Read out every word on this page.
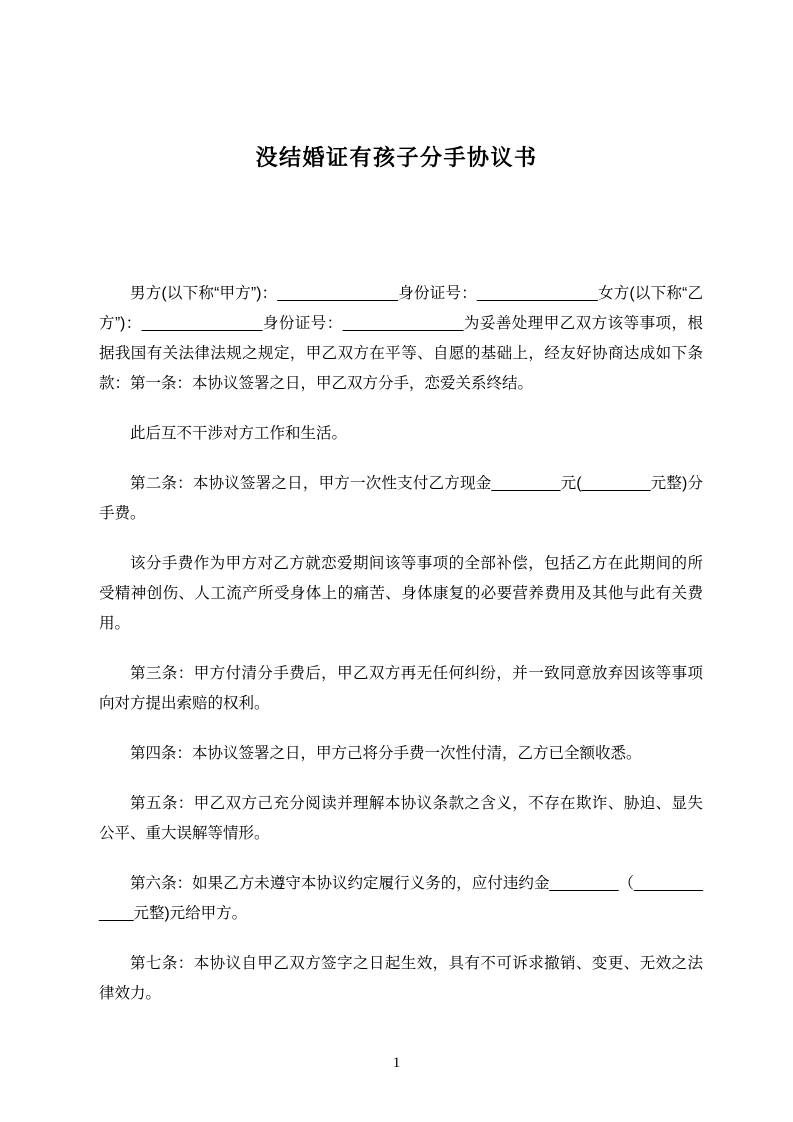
没结婚证有孩子分手协议书

男方(以下称“甲方”)：______________身份证号：______________女方(以下称“乙方”)：______________身份证号：______________为妥善处理甲乙双方该等事项，根据我国有关法律法规之规定，甲乙双方在平等、自愿的基础上，经友好协商达成如下条款：第一条：本协议签署之日，甲乙双方分手，恋爱关系终结。

此后互不干涉对方工作和生活。

第二条：本协议签署之日，甲方一次性支付乙方现金________元(________元整)分手费。

该分手费作为甲方对乙方就恋爱期间该等事项的全部补偿，包括乙方在此期间的所受精神创伤、人工流产所受身体上的痛苦、身体康复的必要营养费用及其他与此有关费用。

第三条：甲方付清分手费后，甲乙双方再无任何纠纷，并一致同意放弃因该等事项向对方提出索赔的权利。

第四条：本协议签署之日，甲方己将分手费一次性付清，乙方已全额收悉。

第五条：甲乙双方己充分阅读并理解本协议条款之含义，不存在欺诈、胁迫、显失公平、重大误解等情形。

第六条：如果乙方未遵守本协议约定履行义务的，应付违约金________（____________元整)元给甲方。

第七条：本协议自甲乙双方签字之日起生效，具有不可诉求撤销、变更、无效之法律效力。

1
